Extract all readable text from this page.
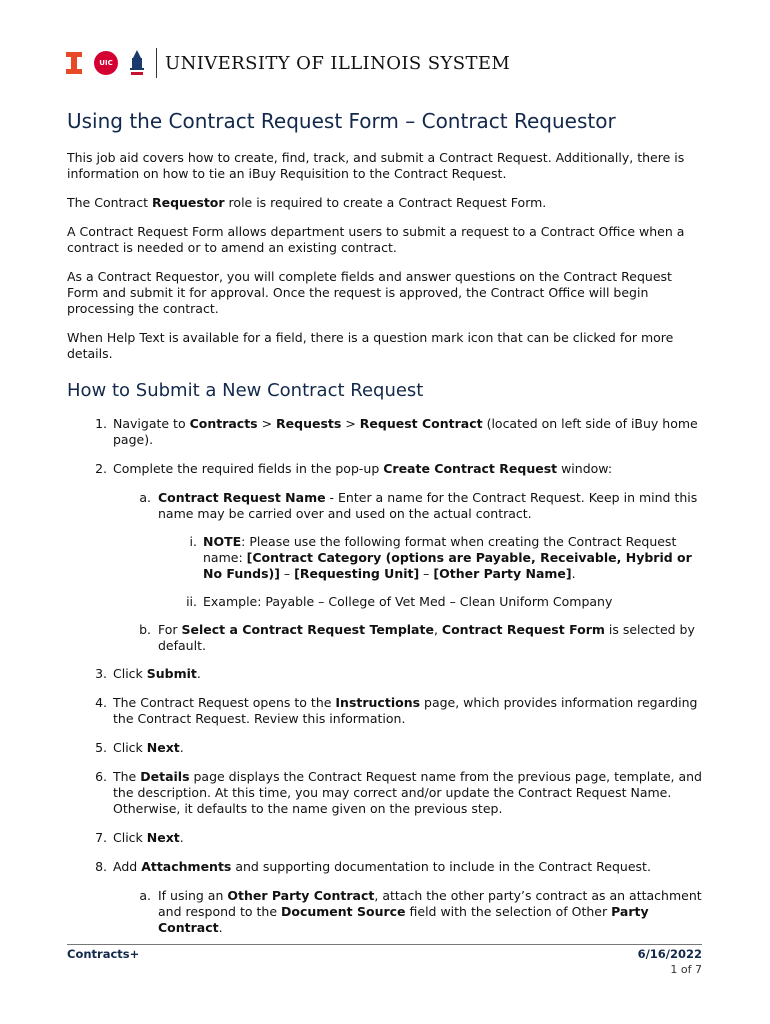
UIC	UNIVERSITY OF ILLINOIS SYSTEM
Using the Contract Request Form – Contract Requestor

This job aid covers how to create, find, track, and submit a Contract Request. Additionally, there is information on how to tie an iBuy Requisition to the Contract Request.

The Contract Requestor role is required to create a Contract Request Form.

A Contract Request Form allows department users to submit a request to a Contract Office when a contract is needed or to amend an existing contract.

As a Contract Requestor, you will complete fields and answer questions on the Contract Request Form and submit it for approval. Once the request is approved, the Contract Office will begin processing the contract.

When Help Text is available for a field, there is a question mark icon that can be clicked for more details.

How to Submit a New Contract Request
1. Navigate to Contracts > Requests > Request Contract (located on left side of iBuy home page).
2. Complete the required fields in the pop-up Create Contract Request window:
a. Contract Request Name - Enter a name for the Contract Request. Keep in mind this name may be carried over and used on the actual contract.
i. NOTE: Please use the following format when creating the Contract Request name: [Contract Category (options are Payable, Receivable, Hybrid or No Funds)] – [Requesting Unit] – [Other Party Name].
ii. Example: Payable – College of Vet Med – Clean Uniform Company
b. For Select a Contract Request Template, Contract Request Form is selected by default.
3. Click Submit.
4. The Contract Request opens to the Instructions page, which provides information regarding the Contract Request. Review this information.
5. Click Next.
6. The Details page displays the Contract Request name from the previous page, template, and the description. At this time, you may correct and/or update the Contract Request Name. Otherwise, it defaults to the name given on the previous step.
7. Click Next.
8. Add Attachments and supporting documentation to include in the Contract Request.
a. If using an Other Party Contract, attach the other party’s contract as an attachment and respond to the Document Source field with the selection of Other Party Contract.
Contracts+	6/16/2022
1 of 7
